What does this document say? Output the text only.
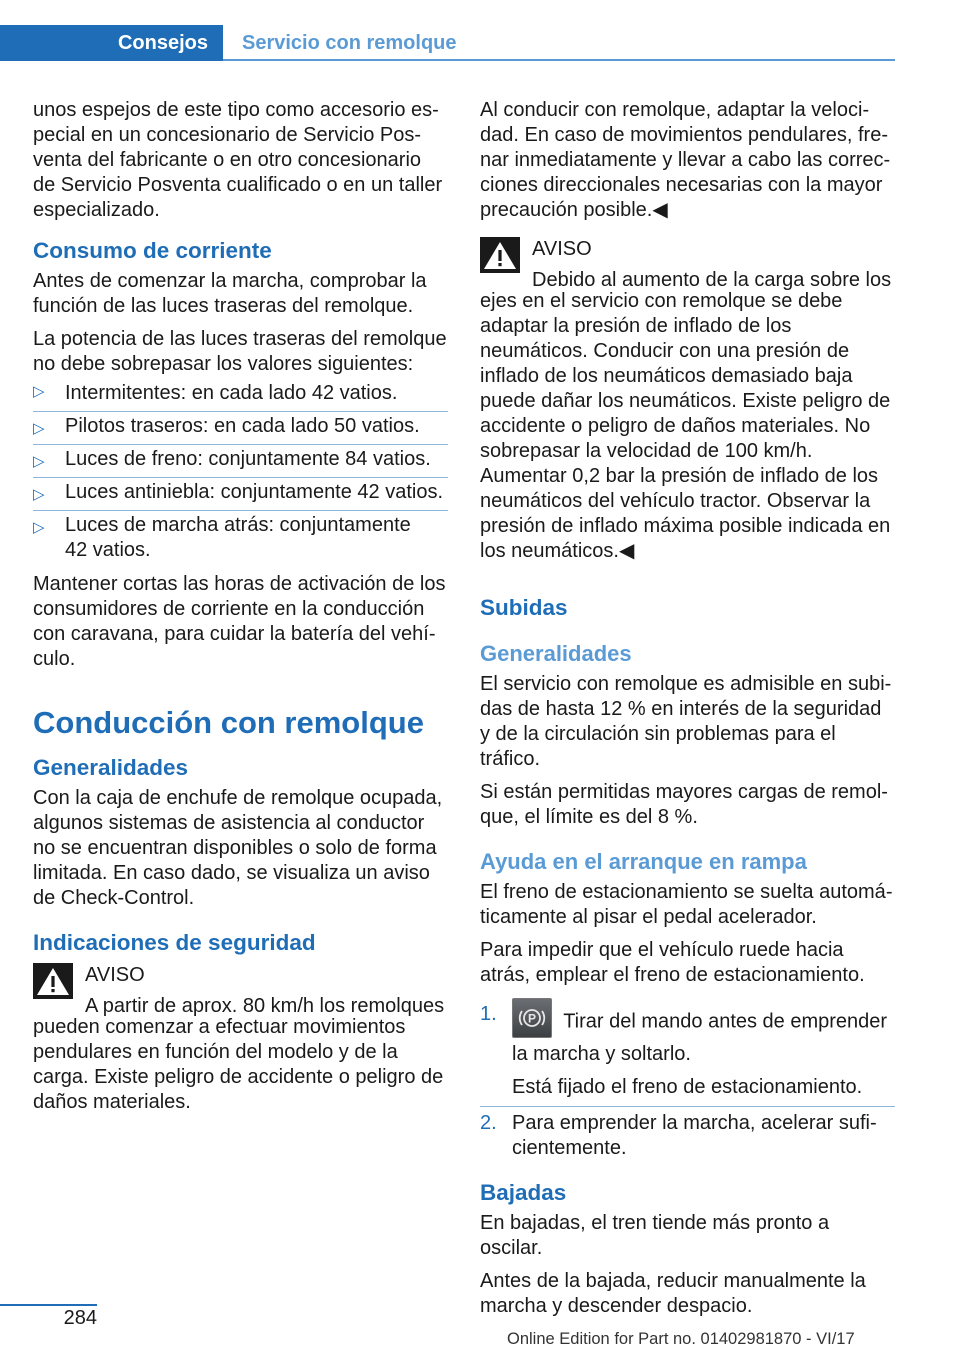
Consejos	Servicio con remolque

unos espejos de este tipo como accesorio especial en un concesionario de Servicio Posventa del fabricante o en otro concesionario de Servicio Posventa cualificado o en un taller especializado.

Consumo de corriente

Antes de comenzar la marcha, comprobar la función de las luces traseras del remolque.

La potencia de las luces traseras del remolque no debe sobrepasar los valores siguientes:

▷ Intermitentes: en cada lado 42 vatios.
▷ Pilotos traseros: en cada lado 50 vatios.
▷ Luces de freno: conjuntamente 84 vatios.
▷ Luces antiniebla: conjuntamente 42 vatios.
▷ Luces de marcha atrás: conjuntamente 42 vatios.

Mantener cortas las horas de activación de los consumidores de corriente en la conducción con caravana, para cuidar la batería del vehículo.

Conducción con remolque
Generalidades

Con la caja de enchufe de remolque ocupada, algunos sistemas de asistencia al conductor no se encuentran disponibles o solo de forma limitada. En caso dado, se visualiza un aviso de Check-Control.

Indicaciones de seguridad
AVISO
A partir de aprox. 80 km/h los remolques

pueden comenzar a efectuar movimientos pendulares en función del modelo y de la carga. Existe peligro de accidente o peligro de daños materiales.

Al conducir con remolque, adaptar la velocidad. En caso de movimientos pendulares, frenar inmediatamente y llevar a cabo las correcciones direccionales necesarias con la mayor precaución posible.◀

AVISO
Debido al aumento de la carga sobre los

ejes en el servicio con remolque se debe adaptar la presión de inflado de los neumáticos. Conducir con una presión de inflado de los neumáticos demasiado baja puede dañar los neumáticos. Existe peligro de accidente o peligro de daños materiales. No sobrepasar la velocidad de 100 km/h. Aumentar 0,2 bar la presión de inflado de los neumáticos del vehículo tractor. Observar la presión de inflado máxima posible indicada en los neumáticos.◀

Subidas
Generalidades

El servicio con remolque es admisible en subidas de hasta 12 % en interés de la seguridad y de la circulación sin problemas para el tráfico.

Si están permitidas mayores cargas de remolque, el límite es del 8 %.

Ayuda en el arranque en rampa

El freno de estacionamiento se suelta automáticamente al pisar el pedal acelerador.

Para impedir que el vehículo ruede hacia atrás, emplear el freno de estacionamiento.

1.	P Tirar del mando antes de emprender la marcha y soltarlo.
Está fijado el freno de estacionamiento.
2. Para emprender la marcha, acelerar suficientemente.
Bajadas

En bajadas, el tren tiende más pronto a oscilar.

Antes de la bajada, reducir manualmente la marcha y descender despacio.

284
Online Edition for Part no. 01402981870 - VI/17
